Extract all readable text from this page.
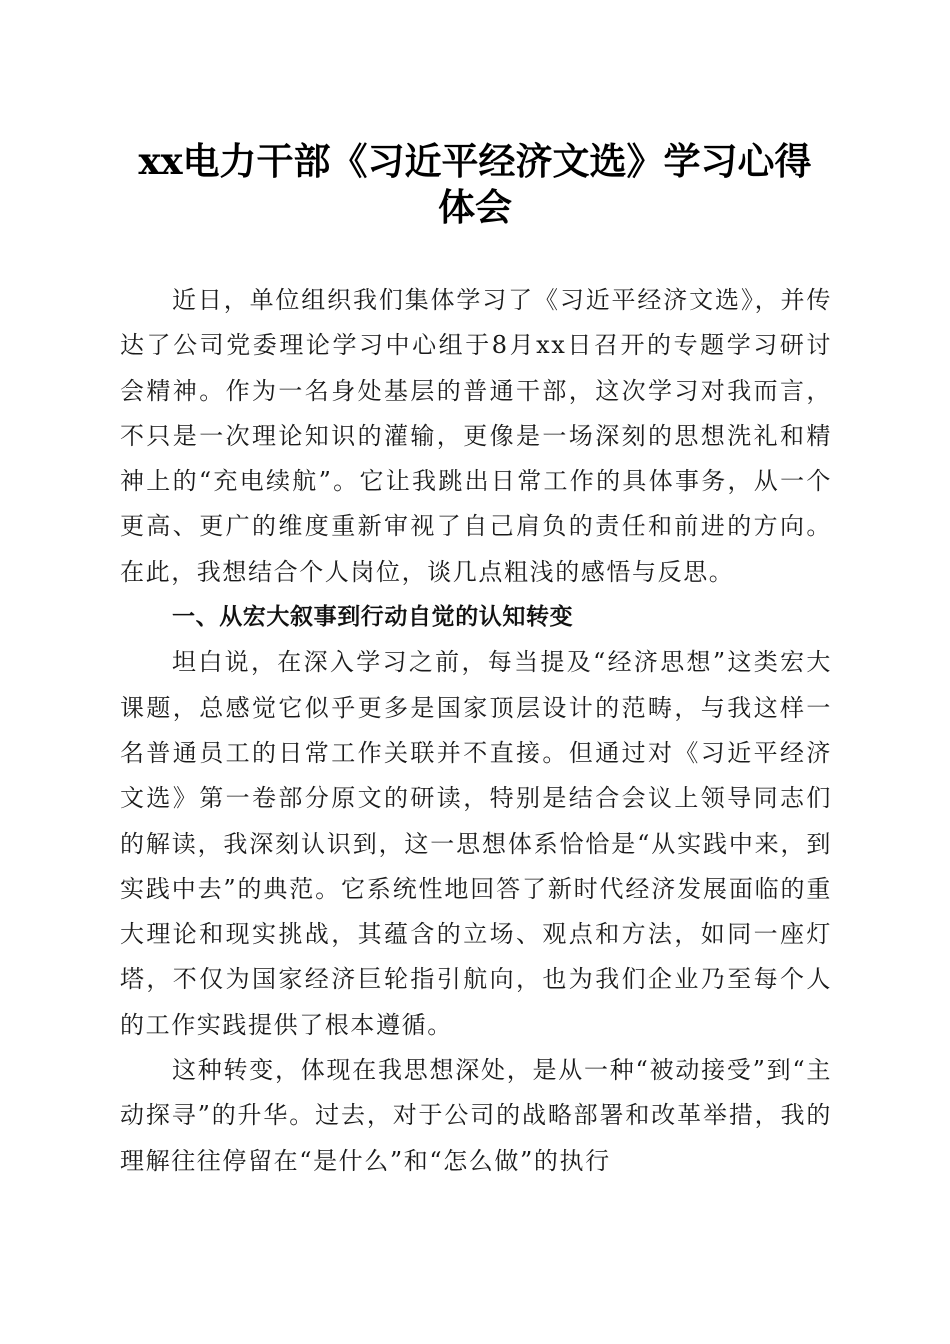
xx电力干部《习近平经济文选》学习心得体会

近日，单位组织我们集体学习了《习近平经济文选》，并传达了公司党委理论学习中心组于8月xx日召开的专题学习研讨会精神。作为一名身处基层的普通干部，这次学习对我而言，不只是一次理论知识的灌输，更像是一场深刻的思想洗礼和精神上的“充电续航”。它让我跳出日常工作的具体事务，从一个更高、更广的维度重新审视了自己肩负的责任和前进的方向。在此，我想结合个人岗位，谈几点粗浅的感悟与反思。

一、从宏大叙事到行动自觉的认知转变

坦白说，在深入学习之前，每当提及“经济思想”这类宏大课题，总感觉它似乎更多是国家顶层设计的范畴，与我这样一名普通员工的日常工作关联并不直接。但通过对《习近平经济文选》第一卷部分原文的研读，特别是结合会议上领导同志们的解读，我深刻认识到，这一思想体系恰恰是“从实践中来，到实践中去”的典范。它系统性地回答了新时代经济发展面临的重大理论和现实挑战，其蕴含的立场、观点和方法，如同一座灯塔，不仅为国家经济巨轮指引航向，也为我们企业乃至每个人的工作实践提供了根本遵循。

这种转变，体现在我思想深处，是从一种“被动接受”到“主动探寻”的升华。过去，对于公司的战略部署和改革举措，我的理解往往停留在“是什么”和“怎么做”的执行
